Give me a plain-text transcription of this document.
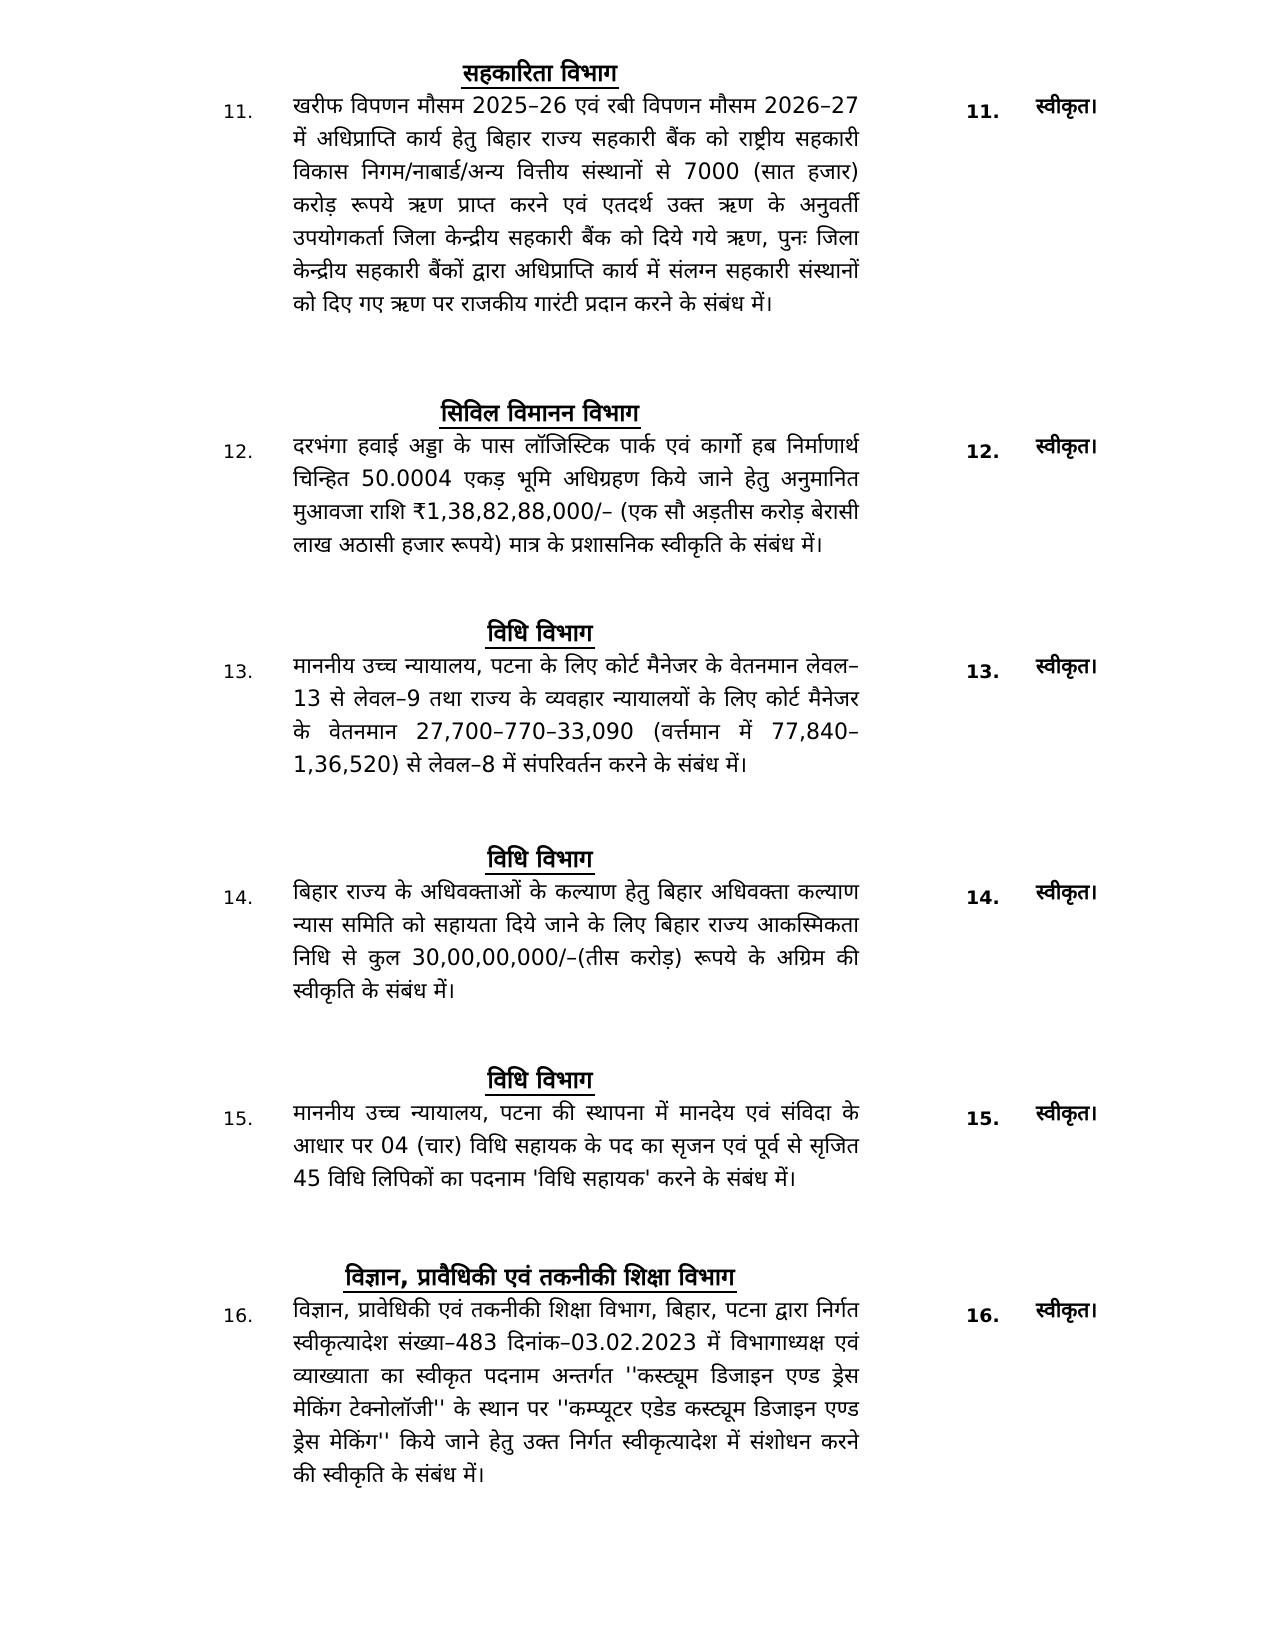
सहकारिता विभाग
11. खरीफ विपणन मौसम 2025–26 एवं रबी विपणन मौसम 2026–27 में अधिप्राप्ति कार्य हेतु बिहार राज्य सहकारी बैंक को राष्ट्रीय सहकारी विकास निगम/नाबार्ड/अन्य वित्तीय संस्थानों से 7000 (सात हजार) करोड़ रूपये ऋण प्राप्त करने एवं एतदर्थ उक्त ऋण के अनुवर्ती उपयोगकर्ता जिला केन्द्रीय सहकारी बैंक को दिये गये ऋण, पुनः जिला केन्द्रीय सहकारी बैंकों द्वारा अधिप्राप्ति कार्य में संलग्न सहकारी संस्थानों को दिए गए ऋण पर राजकीय गारंटी प्रदान करने के संबंध में।
11. स्वीकृत।
सिविल विमानन विभाग
12. दरभंगा हवाई अड्डा के पास लॉजिस्टिक पार्क एवं कार्गो हब निर्माणार्थ चिन्हित 50.0004 एकड़ भूमि अधिग्रहण किये जाने हेतु अनुमानित मुआवजा राशि ₹1,38,82,88,000/– (एक सौ अड़तीस करोड़ बेरासी लाख अठासी हजार रूपये) मात्र के प्रशासनिक स्वीकृति के संबंध में।
12. स्वीकृत।
विधि विभाग
13. माननीय उच्च न्यायालय, पटना के लिए कोर्ट मैनेजर के वेतनमान लेवल–13 से लेवल–9 तथा राज्य के व्यवहार न्यायालयों के लिए कोर्ट मैनेजर के वेतनमान 27,700–770–33,090 (वर्त्तमान में 77,840–1,36,520) से लेवल–8 में संपरिवर्तन करने के संबंध में।
13. स्वीकृत।
विधि विभाग
14. बिहार राज्य के अधिवक्ताओं के कल्याण हेतु बिहार अधिवक्ता कल्याण न्यास समिति को सहायता दिये जाने के लिए बिहार राज्य आकस्मिकता निधि से कुल 30,00,00,000/–(तीस करोड़) रूपये के अग्रिम की स्वीकृति के संबंध में।
14. स्वीकृत।
विधि विभाग
15. माननीय उच्च न्यायालय, पटना की स्थापना में मानदेय एवं संविदा के आधार पर 04 (चार) विधि सहायक के पद का सृजन एवं पूर्व से सृजित 45 विधि लिपिकों का पदनाम 'विधि सहायक' करने के संबंध में।
15. स्वीकृत।
विज्ञान, प्रावैधिकी एवं तकनीकी शिक्षा विभाग
16. विज्ञान, प्रावेधिकी एवं तकनीकी शिक्षा विभाग, बिहार, पटना द्वारा निर्गत स्वीकृत्यादेश संख्या–483 दिनांक–03.02.2023 में विभागाध्यक्ष एवं व्याख्याता का स्वीकृत पदनाम अन्तर्गत ''कस्ट्यूम डिजाइन एण्ड ड्रेस मेकिंग टेक्नोलॉजी'' के स्थान पर ''कम्प्यूटर एडेड कस्ट्यूम डिजाइन एण्ड ड्रेस मेकिंग'' किये जाने हेतु उक्त निर्गत स्वीकृत्यादेश में संशोधन करने की स्वीकृति के संबंध में।
16. स्वीकृत।
